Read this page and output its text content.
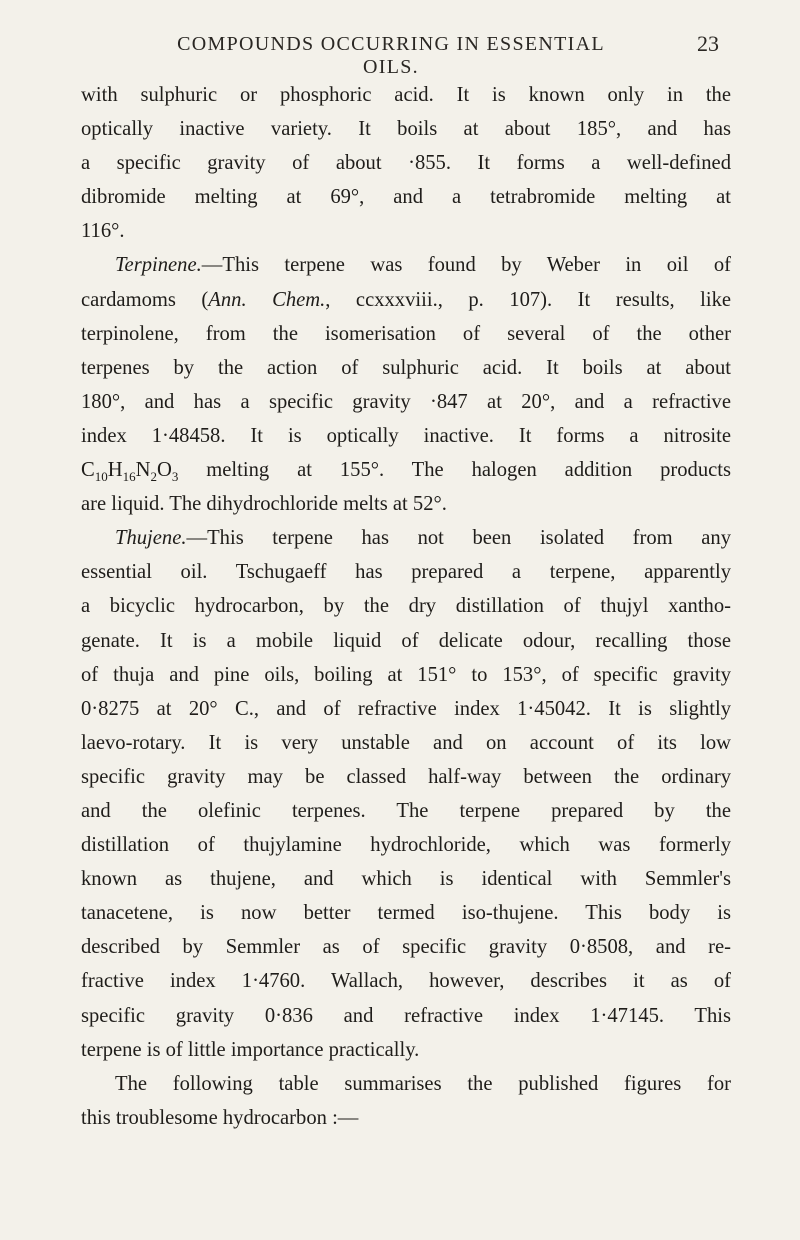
COMPOUNDS OCCURRING IN ESSENTIAL OILS.
23
with sulphuric or phosphoric acid. It is known only in the
optically inactive variety. It boils at about 185°, and has
a specific gravity of about ·855. It forms a well-defined
dibromide melting at 69°, and a tetrabromide melting at
116°.
Terpinene.—This terpene was found by Weber in oil of
cardamoms (Ann. Chem., ccxxxviii., p. 107). It results, like
terpinolene, from the isomerisation of several of the other
terpenes by the action of sulphuric acid. It boils at about
180°, and has a specific gravity ·847 at 20°, and a refractive
index 1·48458. It is optically inactive. It forms a nitrosite
$C_{10}H_{16}N_2O_3$ melting at 155°. The halogen addition products
are liquid. The dihydrochloride melts at 52°.
Thujene.—This terpene has not been isolated from any
essential oil. Tschugaeff has prepared a terpene, apparently
a bicyclic hydrocarbon, by the dry distillation of thujyl xantho-
genate. It is a mobile liquid of delicate odour, recalling those
of thuja and pine oils, boiling at 151° to 153°, of specific gravity
0·8275 at 20° C., and of refractive index 1·45042. It is slightly
laevo-rotary. It is very unstable and on account of its low
specific gravity may be classed half-way between the ordinary
and the olefinic terpenes. The terpene prepared by the
distillation of thujylamine hydrochloride, which was formerly
known as thujene, and which is identical with Semmler's
tanacetene, is now better termed iso-thujene. This body is
described by Semmler as of specific gravity 0·8508, and re-
fractive index 1·4760. Wallach, however, describes it as of
specific gravity 0·836 and refractive index 1·47145. This
terpene is of little importance practically.
The following table summarises the published figures for
this troublesome hydrocarbon :—
